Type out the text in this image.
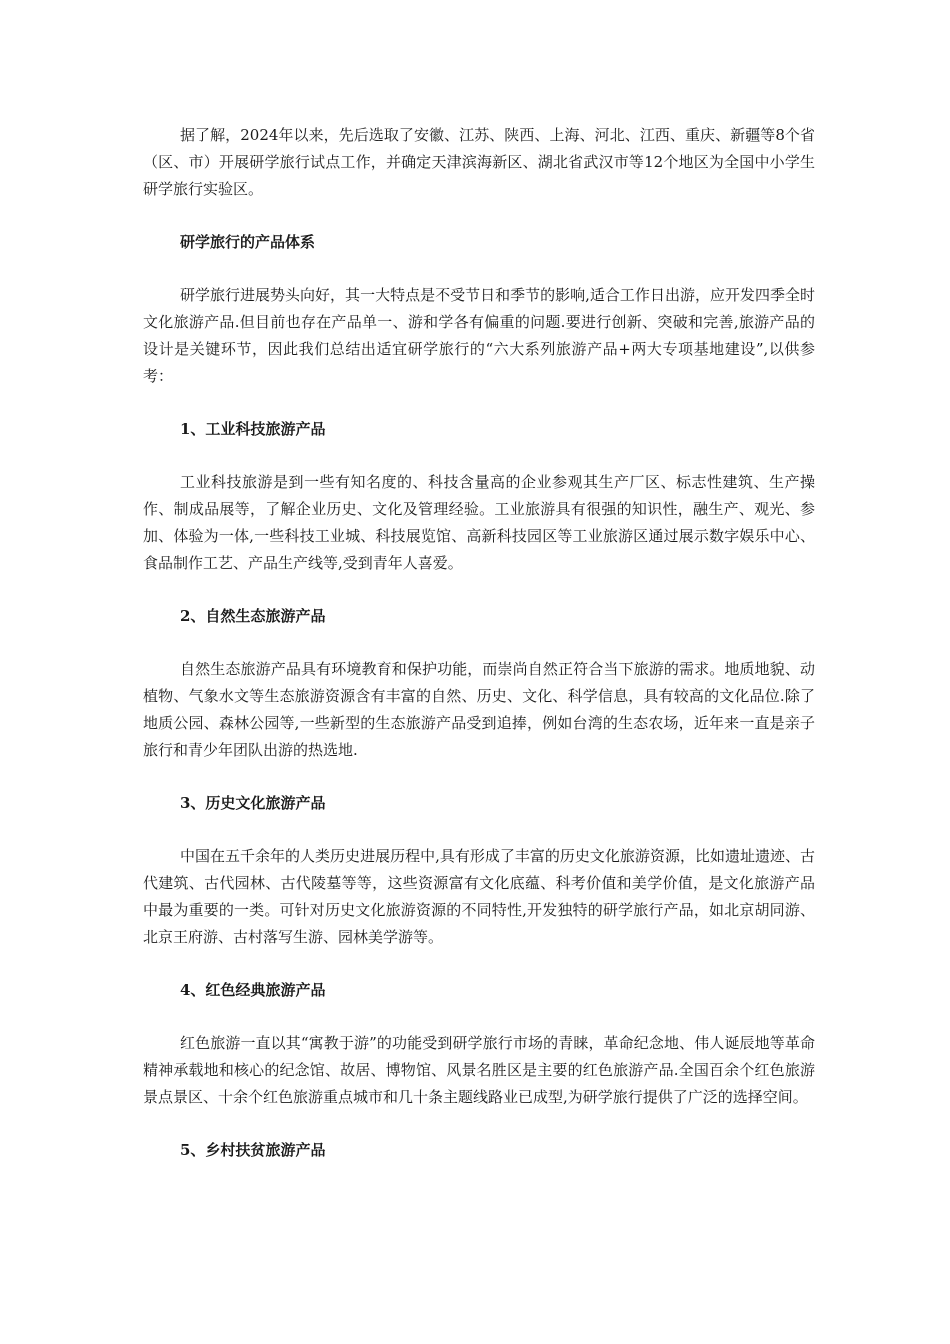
据了解，2024年以来，先后选取了安徽、江苏、陕西、上海、河北、江西、重庆、新疆等8个省（区、市）开展研学旅行试点工作，并确定天津滨海新区、湖北省武汉市等12个地区为全国中小学生研学旅行实验区。

研学旅行的产品体系

研学旅行进展势头向好，其一大特点是不受节日和季节的影响,适合工作日出游，应开发四季全时文化旅游产品.但目前也存在产品单一、游和学各有偏重的问题.要进行创新、突破和完善,旅游产品的设计是关键环节，因此我们总结出适宜研学旅行的“六大系列旅游产品+两大专项基地建设”,以供参考：

1、工业科技旅游产品

工业科技旅游是到一些有知名度的、科技含量高的企业参观其生产厂区、标志性建筑、生产操作、制成品展等，了解企业历史、文化及管理经验。工业旅游具有很强的知识性，融生产、观光、参加、体验为一体,一些科技工业城、科技展览馆、高新科技园区等工业旅游区通过展示数字娱乐中心、食品制作工艺、产品生产线等,受到青年人喜爱。

2、自然生态旅游产品

自然生态旅游产品具有环境教育和保护功能，而崇尚自然正符合当下旅游的需求。地质地貌、动植物、气象水文等生态旅游资源含有丰富的自然、历史、文化、科学信息，具有较高的文化品位.除了地质公园、森林公园等,一些新型的生态旅游产品受到追捧，例如台湾的生态农场，近年来一直是亲子旅行和青少年团队出游的热选地.

3、历史文化旅游产品

中国在五千余年的人类历史进展历程中,具有形成了丰富的历史文化旅游资源，比如遗址遗迹、古代建筑、古代园林、古代陵墓等等，这些资源富有文化底蕴、科考价值和美学价值，是文化旅游产品中最为重要的一类。可针对历史文化旅游资源的不同特性,开发独特的研学旅行产品，如北京胡同游、北京王府游、古村落写生游、园林美学游等。

4、红色经典旅游产品

红色旅游一直以其“寓教于游”的功能受到研学旅行市场的青睐，革命纪念地、伟人诞辰地等革命精神承载地和核心的纪念馆、故居、博物馆、风景名胜区是主要的红色旅游产品.全国百余个红色旅游景点景区、十余个红色旅游重点城市和几十条主题线路业已成型,为研学旅行提供了广泛的选择空间。

5、乡村扶贫旅游产品
